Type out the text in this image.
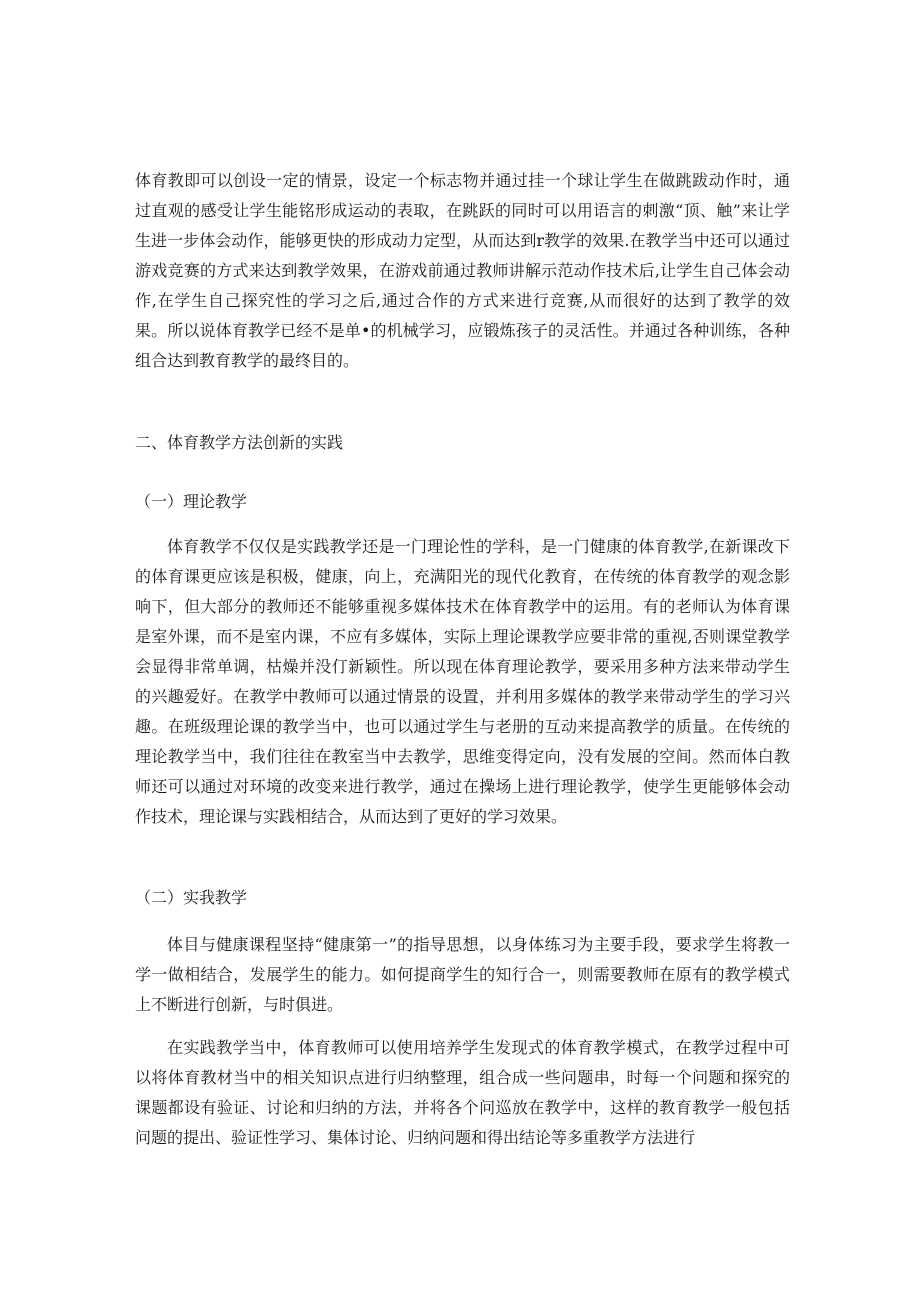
体育教即可以创设一定的情景，设定一个标志物并通过挂一个球让学生在做跳跋动作时，通过直观的感受让学生能铭形成运动的表取，在跳跃的同时可以用语言的刺激“顶、触”来让学生进一步体会动作，能够更快的形成动力定型，从而达到r教学的效果.在教学当中还可以通过游戏竞赛的方式来达到教学效果，在游戏前通过教师讲解示范动作技术后,让学生自己体会动作,在学生自己探究性的学习之后,通过合作的方式来进行竞赛,从而很好的达到了教学的效果。所以说体育教学已经不是单•的机械学习，应锻炼孩子的灵活性。并通过各种训练，各种组合达到教育教学的最终目的。

二、体育教学方法创新的实践

（一）理论教学

体育教学不仅仅是实践教学还是一门理论性的学科，是一门健康的体育教学,在新课改下的体育课更应该是积极，健康，向上，充满阳光的现代化教育，在传统的体育教学的观念影响下，但大部分的教师还不能够重视多媒体技术在体育教学中的运用。有的老师认为体育课是室外课，而不是室内课，不应有多媒体，实际上理论课教学应要非常的重视,否则课堂教学会显得非常单调，枯燥并没仃新颖性。所以现在体育理论教学，要采用多种方法来带动学生的兴趣爱好。在教学中教师可以通过情景的设置，并利用多媒体的教学来带动学生的学习兴趣。在班级理论课的教学当中，也可以通过学生与老册的互动来提高教学的质量。在传统的理论教学当中，我们往往在教室当中去教学，思维变得定向，没有发展的空间。然而体白教师还可以通过对环境的改变来进行教学，通过在操场上进行理论教学，使学生更能够体会动作技术，理论课与实践相结合，从而达到了更好的学习效果。

（二）实我教学

体目与健康课程坚持“健康第一”的指导思想，以身体练习为主要手段，要求学生将教一学一做相结合，发展学生的能力。如何提商学生的知行合一，则需要教师在原有的教学模式上不断进行创新，与时俱进。

在实践教学当中，体育教师可以使用培养学生发现式的体育教学模式，在教学过程中可以将体育教材当中的相关知识点进行归纳整理，组合成一些问题串，时每一个问题和探究的课题都设有验证、讨论和归纳的方法，并将各个问巡放在教学中，这样的教育教学一般包括问题的提出、验证性学习、集体讨论、归纳问题和得出结论等多重教学方法进行
